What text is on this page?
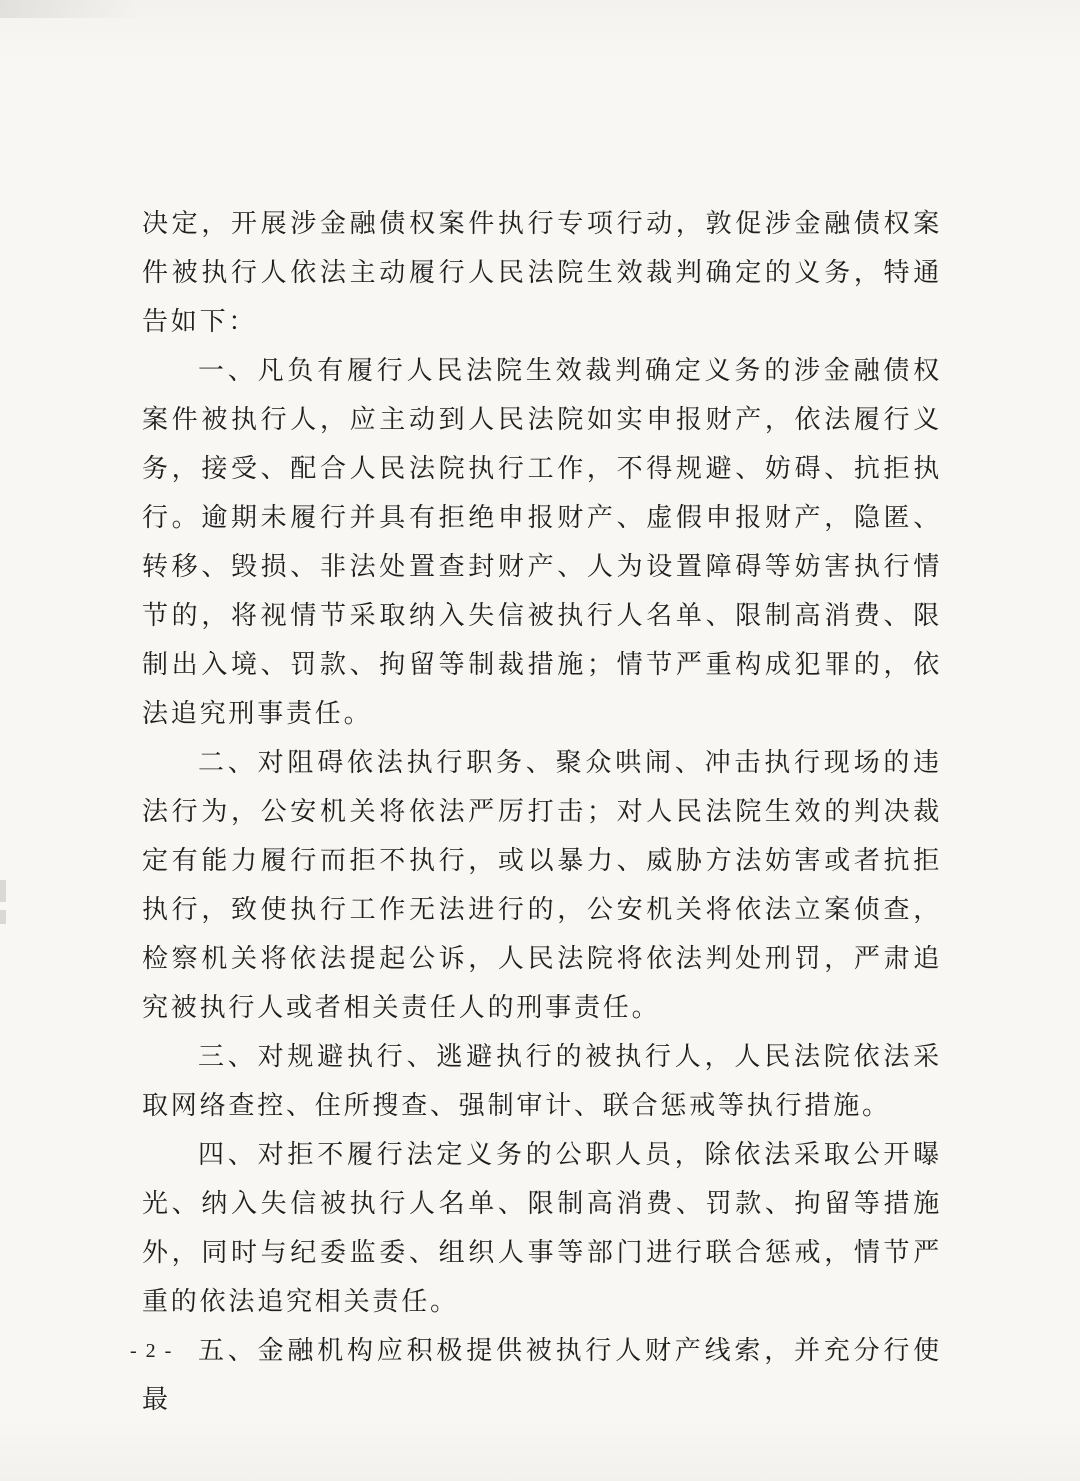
决定，开展涉金融债权案件执行专项行动，敦促涉金融债权案件被执行人依法主动履行人民法院生效裁判确定的义务，特通告如下：

一、凡负有履行人民法院生效裁判确定义务的涉金融债权案件被执行人，应主动到人民法院如实申报财产，依法履行义务，接受、配合人民法院执行工作，不得规避、妨碍、抗拒执行。逾期未履行并具有拒绝申报财产、虚假申报财产，隐匿、转移、毁损、非法处置查封财产、人为设置障碍等妨害执行情节的，将视情节采取纳入失信被执行人名单、限制高消费、限制出入境、罚款、拘留等制裁措施；情节严重构成犯罪的，依法追究刑事责任。

二、对阻碍依法执行职务、聚众哄闹、冲击执行现场的违法行为，公安机关将依法严厉打击；对人民法院生效的判决裁定有能力履行而拒不执行，或以暴力、威胁方法妨害或者抗拒执行，致使执行工作无法进行的，公安机关将依法立案侦查，检察机关将依法提起公诉，人民法院将依法判处刑罚，严肃追究被执行人或者相关责任人的刑事责任。

三、对规避执行、逃避执行的被执行人，人民法院依法采取网络查控、住所搜查、强制审计、联合惩戒等执行措施。

四、对拒不履行法定义务的公职人员，除依法采取公开曝光、纳入失信被执行人名单、限制高消费、罚款、拘留等措施外，同时与纪委监委、组织人事等部门进行联合惩戒，情节严重的依法追究相关责任。

五、金融机构应积极提供被执行人财产线索，并充分行使最

- 2 -
